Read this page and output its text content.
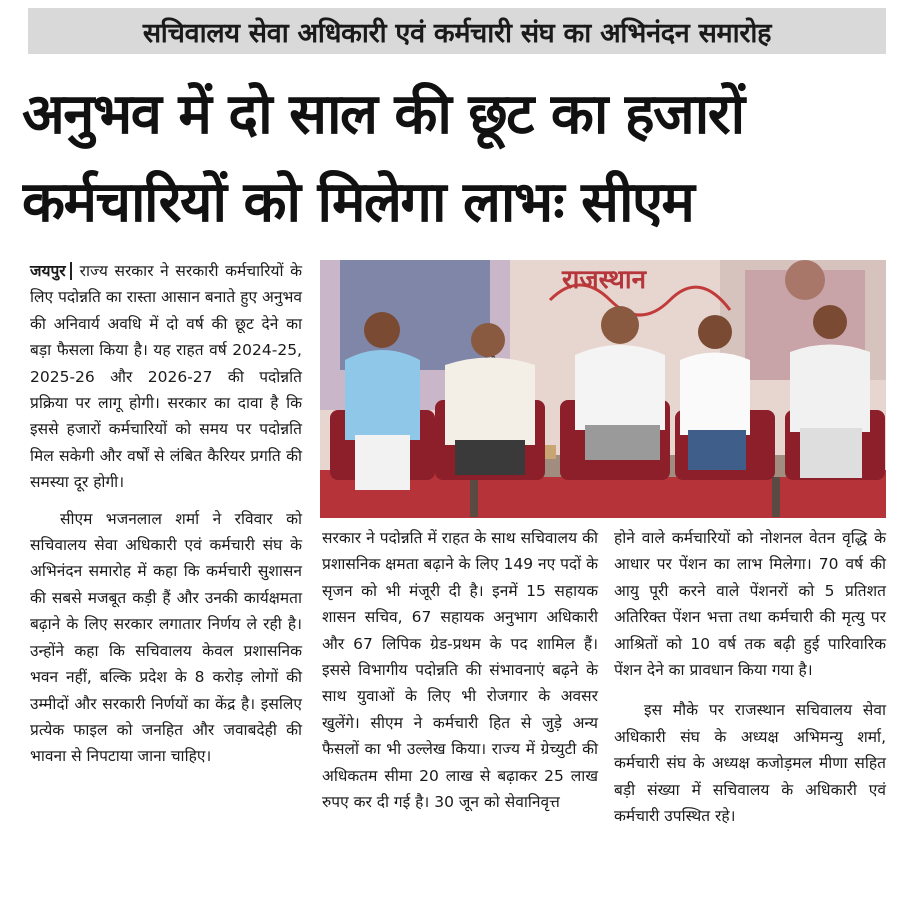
सचिवालय सेवा अधिकारी एवं कर्मचारी संघ का अभिनंदन समारोह
अनुभव में दो साल की छूट का हजारों
कर्मचारियों को मिलेगा लाभः सीएम

जयपुर राज्य सरकार ने सरकारी कर्मचारियों के लिए पदोन्नति का रास्ता आसान बनाते हुए अनुभव की अनिवार्य अवधि में दो वर्ष की छूट देने का बड़ा फैसला किया है। यह राहत वर्ष 2024-25, 2025-26 और 2026-27 की पदोन्नति प्रक्रिया पर लागू होगी। सरकार का दावा है कि इससे हजारों कर्मचारियों को समय पर पदोन्नति मिल सकेगी और वर्षों से लंबित कैरियर प्रगति की समस्या दूर होगी।

सीएम भजनलाल शर्मा ने रविवार को सचिवालय सेवा अधिकारी एवं कर्मचारी संघ के अभिनंदन समारोह में कहा कि कर्मचारी सुशासन की सबसे मजबूत कड़ी हैं और उनकी कार्यक्षमता बढ़ाने के लिए सरकार लगातार निर्णय ले रही है। उन्होंने कहा कि सचिवालय केवल प्रशासनिक भवन नहीं, बल्कि प्रदेश के 8 करोड़ लोगों की उम्मीदों और सरकारी निर्णयों का केंद्र है। इसलिए प्रत्येक फाइल को जनहित और जवाबदेही की भावना से निपटाया जाना चाहिए।

राजस्थान

सरकार ने पदोन्नति में राहत के साथ सचिवालय की प्रशासनिक क्षमता बढ़ाने के लिए 149 नए पदों के सृजन को भी मंजूरी दी है। इनमें 15 सहायक शासन सचिव, 67 सहायक अनुभाग अधिकारी और 67 लिपिक ग्रेड-प्रथम के पद शामिल हैं। इससे विभागीय पदोन्नति की संभावनाएं बढ़ने के साथ युवाओं के लिए भी रोजगार के अवसर खुलेंगे। सीएम ने कर्मचारी हित से जुड़े अन्य फैसलों का भी उल्लेख किया। राज्य में ग्रेच्युटी की अधिकतम सीमा 20 लाख से बढ़ाकर 25 लाख रुपए कर दी गई है। 30 जून को सेवानिवृत्त

होने वाले कर्मचारियों को नोशनल वेतन वृद्धि के आधार पर पेंशन का लाभ मिलेगा। 70 वर्ष की आयु पूरी करने वाले पेंशनरों को 5 प्रतिशत अतिरिक्त पेंशन भत्ता तथा कर्मचारी की मृत्यु पर आश्रितों को 10 वर्ष तक बढ़ी हुई पारिवारिक पेंशन देने का प्रावधान किया गया है।

इस मौके पर राजस्थान सचिवालय सेवा अधिकारी संघ के अध्यक्ष अभिमन्यु शर्मा, कर्मचारी संघ के अध्यक्ष कजोड़मल मीणा सहित बड़ी संख्या में सचिवालय के अधिकारी एवं कर्मचारी उपस्थित रहे।
